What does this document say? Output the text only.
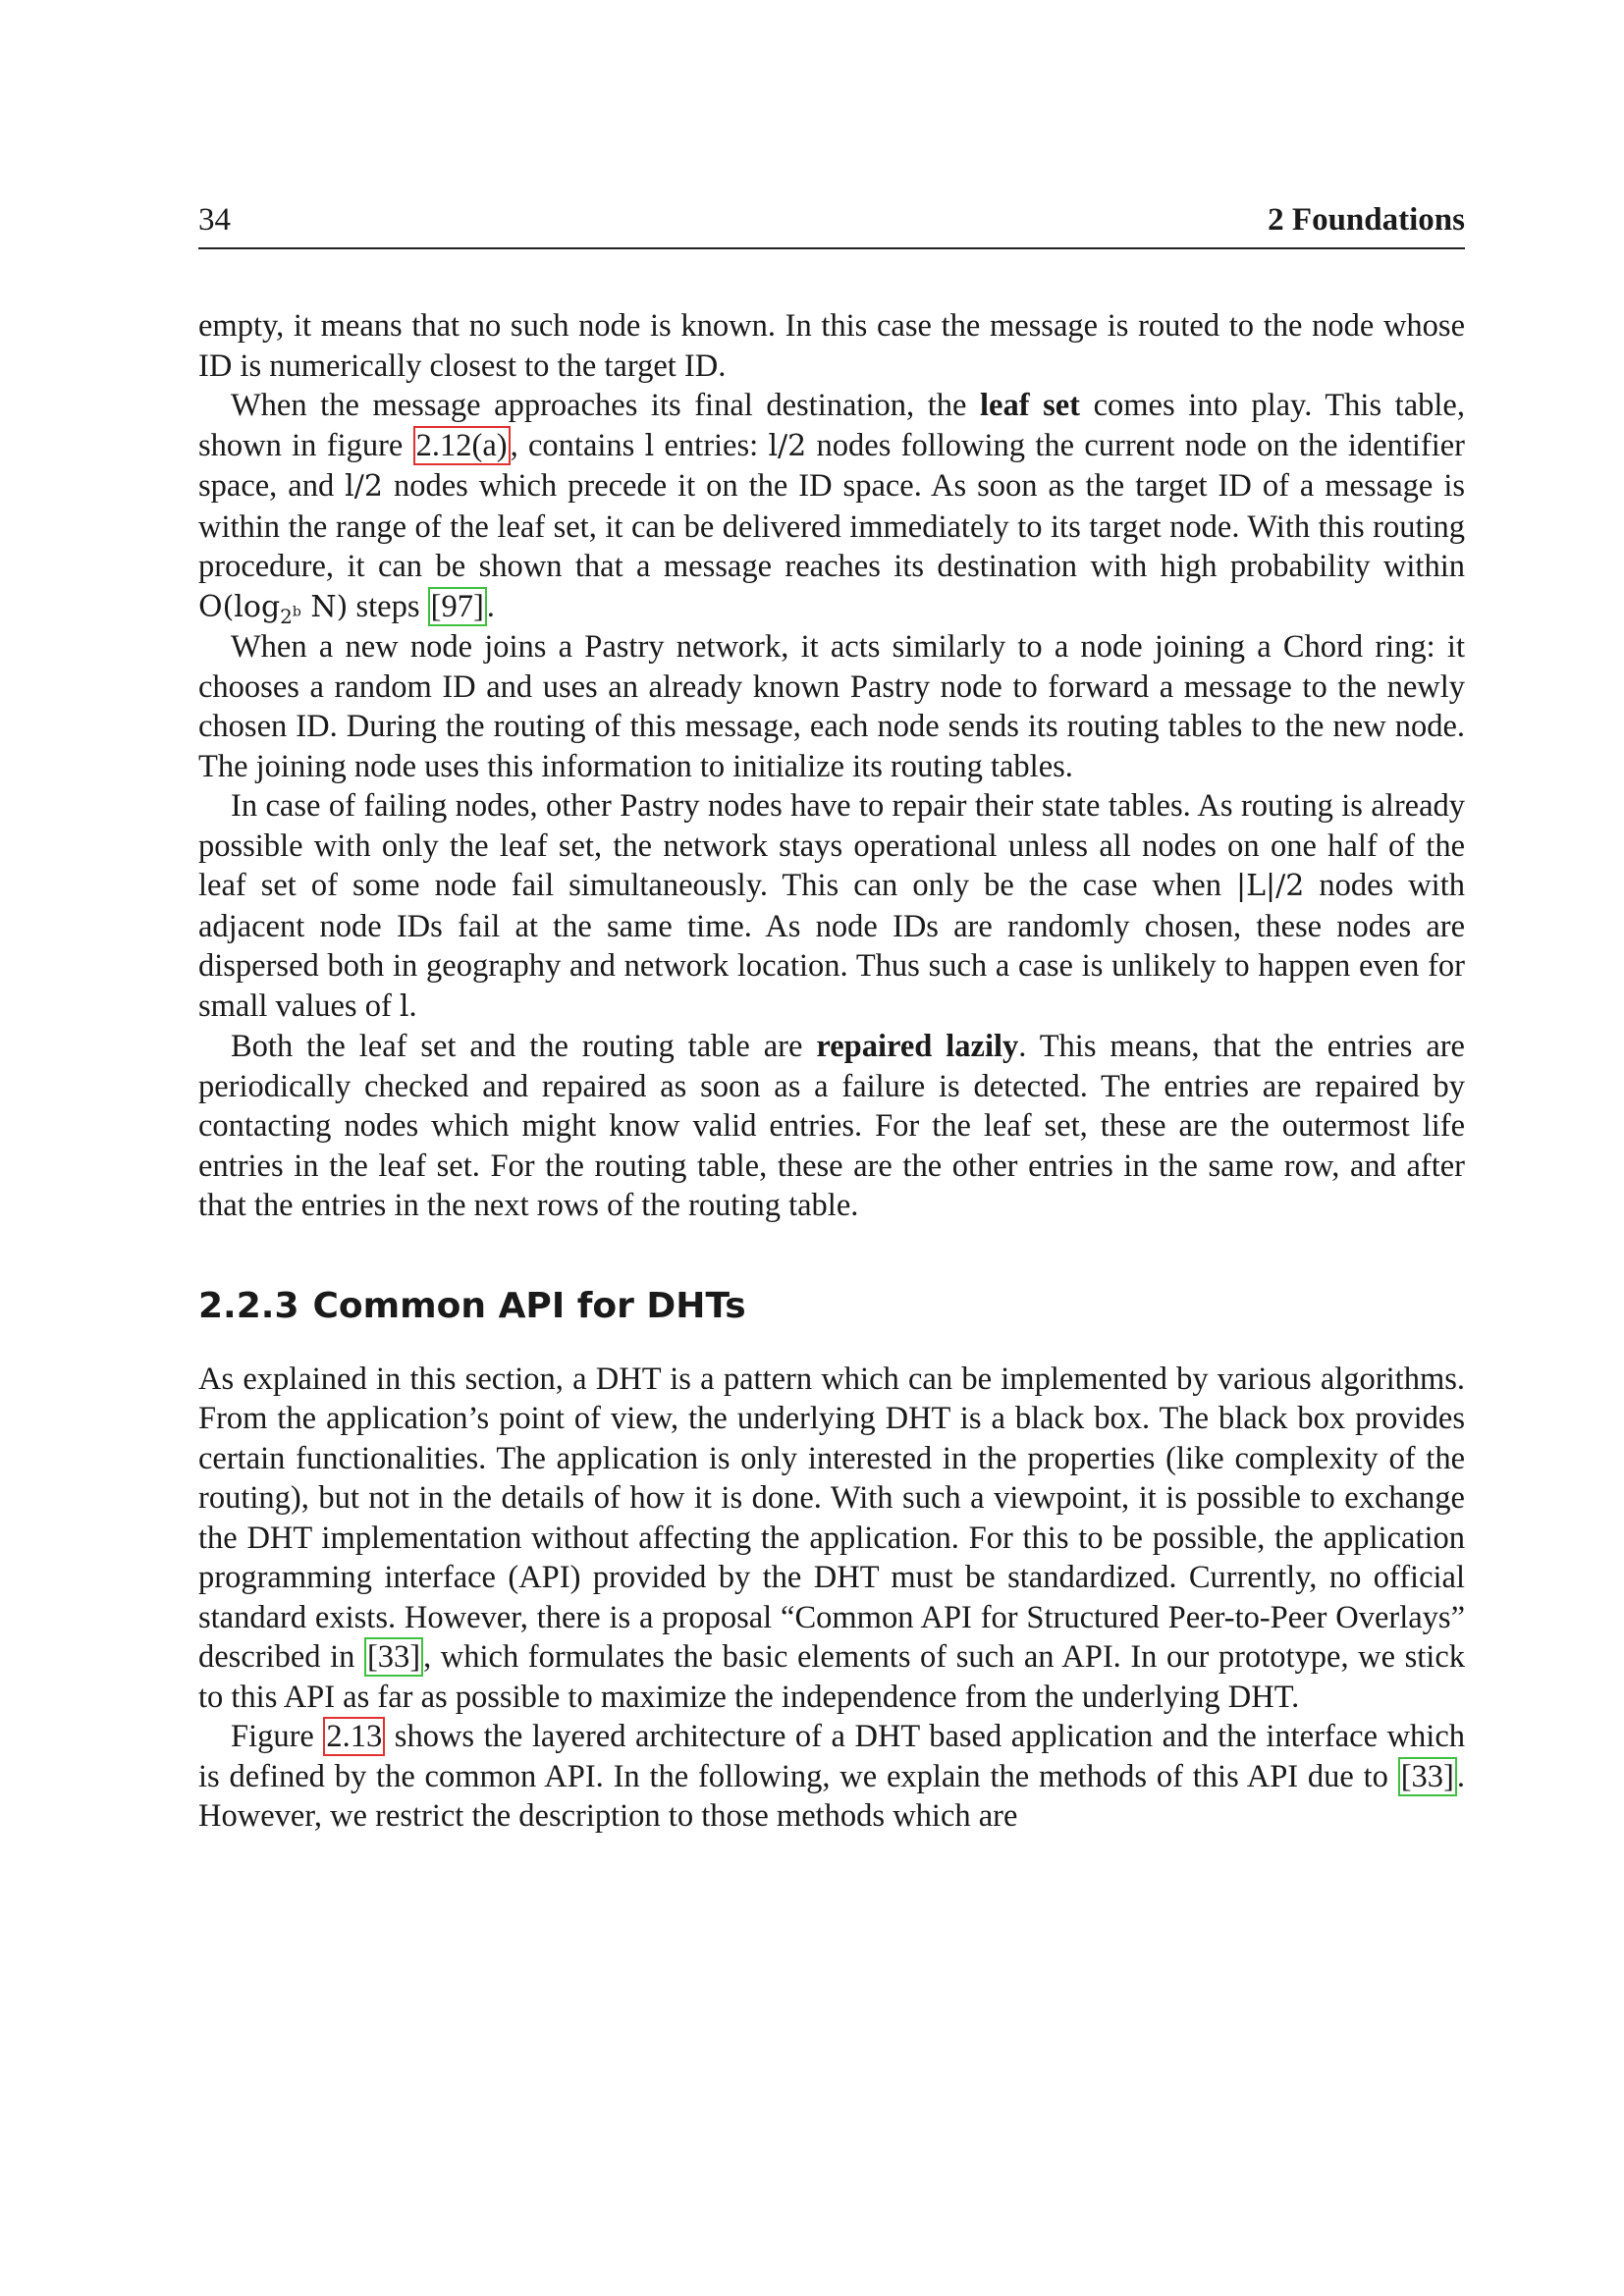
34	2 Foundations

empty, it means that no such node is known. In this case the message is routed to the node whose ID is numerically closest to the target ID.

When the message approaches its final destination, the leaf set comes into play. This table, shown in figure 2.12(a), contains l entries: l/2 nodes following the current node on the identifier space, and l/2 nodes which precede it on the ID space. As soon as the target ID of a message is within the range of the leaf set, it can be delivered immediately to its target node. With this routing procedure, it can be shown that a message reaches its destination with high probability within $O(\log_{2^b}$ N) steps [97].

When a new node joins a Pastry network, it acts similarly to a node joining a Chord ring: it chooses a random ID and uses an already known Pastry node to forward a message to the newly chosen ID. During the routing of this message, each node sends its routing tables to the new node. The joining node uses this information to initialize its routing tables.

In case of failing nodes, other Pastry nodes have to repair their state tables. As routing is already possible with only the leaf set, the network stays operational unless all nodes on one half of the leaf set of some node fail simultaneously. This can only be the case when |L|/2 nodes with adjacent node IDs fail at the same time. As node IDs are randomly chosen, these nodes are dispersed both in geography and network location. Thus such a case is unlikely to happen even for small values of l.

Both the leaf set and the routing table are repaired lazily. This means, that the entries are periodically checked and repaired as soon as a failure is detected. The entries are repaired by contacting nodes which might know valid entries. For the leaf set, these are the outermost life entries in the leaf set. For the routing table, these are the other entries in the same row, and after that the entries in the next rows of the routing table.

2.2.3 Common API for DHTs

As explained in this section, a DHT is a pattern which can be implemented by various algorithms. From the application’s point of view, the underlying DHT is a black box. The black box provides certain functionalities. The application is only interested in the properties (like complexity of the routing), but not in the details of how it is done. With such a viewpoint, it is possible to exchange the DHT implementation without affecting the application. For this to be possible, the application programming interface (API) provided by the DHT must be standardized. Currently, no official standard exists. However, there is a proposal “Common API for Structured Peer-to-Peer Overlays” described in [33], which formulates the basic elements of such an API. In our prototype, we stick to this API as far as possible to maximize the independence from the underlying DHT.

Figure 2.13 shows the layered architecture of a DHT based application and the interface which is defined by the common API. In the following, we explain the methods of this API due to [33]. However, we restrict the description to those methods which are
